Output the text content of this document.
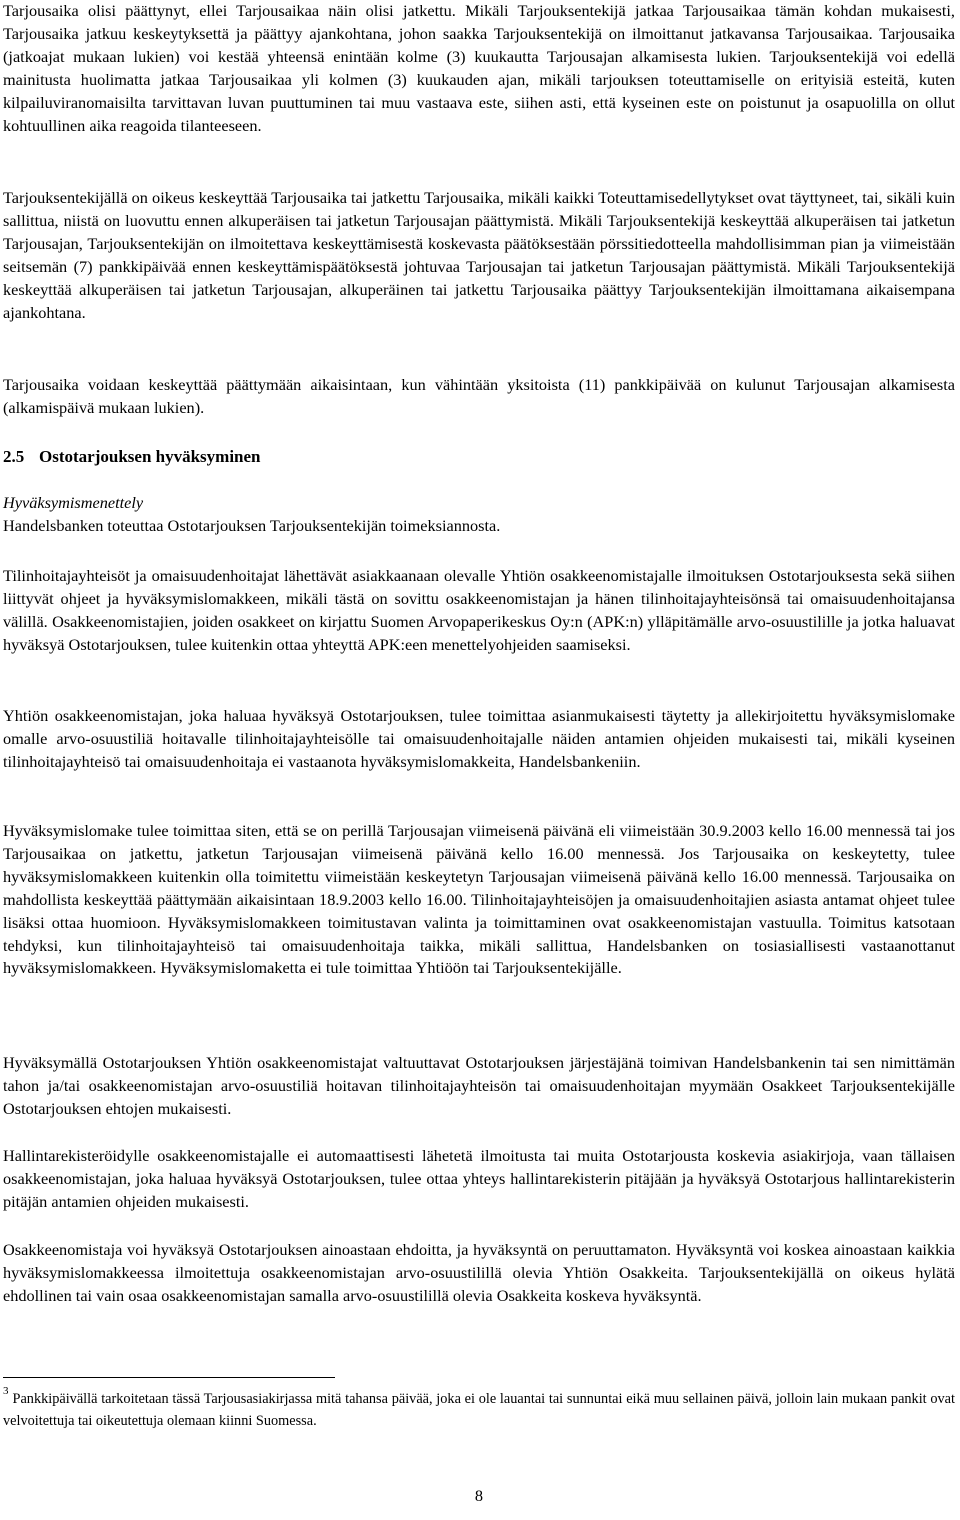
Tarjousaika olisi päättynyt, ellei Tarjousaikaa näin olisi jatkettu. Mikäli Tarjouksentekijä jatkaa Tarjousaikaa tämän kohdan mukaisesti, Tarjousaika jatkuu keskeytyksettä ja päättyy ajankohtana, johon saakka Tarjouksentekijä on ilmoittanut jatkavansa Tarjousaikaa. Tarjousaika (jatkoajat mukaan lukien) voi kestää yhteensä enintään kolme (3) kuukautta Tarjousajan alkamisesta lukien. Tarjouksentekijä voi edellä mainitusta huolimatta jatkaa Tarjousaikaa yli kolmen (3) kuukauden ajan, mikäli tarjouksen toteuttamiselle on erityisiä esteitä, kuten kilpailuviranomaisilta tarvittavan luvan puuttuminen tai muu vastaava este, siihen asti, että kyseinen este on poistunut ja osapuolilla on ollut kohtuullinen aika reagoida tilanteeseen.

Tarjouksentekijällä on oikeus keskeyttää Tarjousaika tai jatkettu Tarjousaika, mikäli kaikki Toteuttamisedellytykset ovat täyttyneet, tai, sikäli kuin sallittua, niistä on luovuttu ennen alkuperäisen tai jatketun Tarjousajan päättymistä. Mikäli Tarjouksentekijä keskeyttää alkuperäisen tai jatketun Tarjousajan, Tarjouksentekijän on ilmoitettava keskeyttämisestä koskevasta päätöksestään pörssitiedotteella mahdollisimman pian ja viimeistään seitsemän (7) pankkipäivää ennen keskeyttämispäätöksestä johtuvaa Tarjousajan tai jatketun Tarjousajan päättymistä. Mikäli Tarjouksentekijä keskeyttää alkuperäisen tai jatketun Tarjousajan, alkuperäinen tai jatkettu Tarjousaika päättyy Tarjouksentekijän ilmoittamana aikaisempana ajankohtana.

Tarjousaika voidaan keskeyttää päättymään aikaisintaan, kun vähintään yksitoista (11) pankkipäivää on kulunut Tarjousajan alkamisesta (alkamispäivä mukaan lukien).

2.5 Ostotarjouksen hyväksyminen

Hyväksymismenettely

Handelsbanken toteuttaa Ostotarjouksen Tarjouksentekijän toimeksiannosta.

Tilinhoitajayhteisöt ja omaisuudenhoitajat lähettävät asiakkaanaan olevalle Yhtiön osakkeenomistajalle ilmoituksen Ostotarjouksesta sekä siihen liittyvät ohjeet ja hyväksymislomakkeen, mikäli tästä on sovittu osakkeenomistajan ja hänen tilinhoitajayhteisönsä tai omaisuudenhoitajansa välillä. Osakkeenomistajien, joiden osakkeet on kirjattu Suomen Arvopaperikeskus Oy:n (APK:n) ylläpitämälle arvo-osuustilille ja jotka haluavat hyväksyä Ostotarjouksen, tulee kuitenkin ottaa yhteyttä APK:een menettelyohjeiden saamiseksi.

Yhtiön osakkeenomistajan, joka haluaa hyväksyä Ostotarjouksen, tulee toimittaa asianmukaisesti täytetty ja allekirjoitettu hyväksymislomake omalle arvo-osuustiliä hoitavalle tilinhoitajayhteisölle tai omaisuudenhoitajalle näiden antamien ohjeiden mukaisesti tai, mikäli kyseinen tilinhoitajayhteisö tai omaisuudenhoitaja ei vastaanota hyväksymislomakkeita, Handelsbankeniin.

Hyväksymislomake tulee toimittaa siten, että se on perillä Tarjousajan viimeisenä päivänä eli viimeistään 30.9.2003 kello 16.00 mennessä tai jos Tarjousaikaa on jatkettu, jatketun Tarjousajan viimeisenä päivänä kello 16.00 mennessä. Jos Tarjousaika on keskeytetty, tulee hyväksymislomakkeen kuitenkin olla toimitettu viimeistään keskeytetyn Tarjousajan viimeisenä päivänä kello 16.00 mennessä. Tarjousaika on mahdollista keskeyttää päättymään aikaisintaan 18.9.2003 kello 16.00. Tilinhoitajayhteisöjen ja omaisuudenhoitajien asiasta antamat ohjeet tulee lisäksi ottaa huomioon. Hyväksymislomakkeen toimitustavan valinta ja toimittaminen ovat osakkeenomistajan vastuulla. Toimitus katsotaan tehdyksi, kun tilinhoitajayhteisö tai omaisuudenhoitaja taikka, mikäli sallittua, Handelsbanken on tosiasiallisesti vastaanottanut hyväksymislomakkeen. Hyväksymislomaketta ei tule toimittaa Yhtiöön tai Tarjouksentekijälle.

Hyväksymällä Ostotarjouksen Yhtiön osakkeenomistajat valtuuttavat Ostotarjouksen järjestäjänä toimivan Handelsbankenin tai sen nimittämän tahon ja/tai osakkeenomistajan arvo-osuustiliä hoitavan tilinhoitajayhteisön tai omaisuudenhoitajan myymään Osakkeet Tarjouksentekijälle Ostotarjouksen ehtojen mukaisesti.

Hallintarekisteröidylle osakkeenomistajalle ei automaattisesti lähetetä ilmoitusta tai muita Ostotarjousta koskevia asiakirjoja, vaan tällaisen osakkeenomistajan, joka haluaa hyväksyä Ostotarjouksen, tulee ottaa yhteys hallintarekisterin pitäjään ja hyväksyä Ostotarjous hallintarekisterin pitäjän antamien ohjeiden mukaisesti.

Osakkeenomistaja voi hyväksyä Ostotarjouksen ainoastaan ehdoitta, ja hyväksyntä on peruuttamaton. Hyväksyntä voi koskea ainoastaan kaikkia hyväksymislomakkeessa ilmoitettuja osakkeenomistajan arvo-osuustilillä olevia Yhtiön Osakkeita. Tarjouksentekijällä on oikeus hylätä ehdollinen tai vain osaa osakkeenomistajan samalla arvo-osuustilillä olevia Osakkeita koskeva hyväksyntä.

3 Pankkipäivällä tarkoitetaan tässä Tarjousasiakirjassa mitä tahansa päivää, joka ei ole lauantai tai sunnuntai eikä muu sellainen päivä, jolloin lain mukaan pankit ovat velvoitettuja tai oikeutettuja olemaan kiinni Suomessa.

8
